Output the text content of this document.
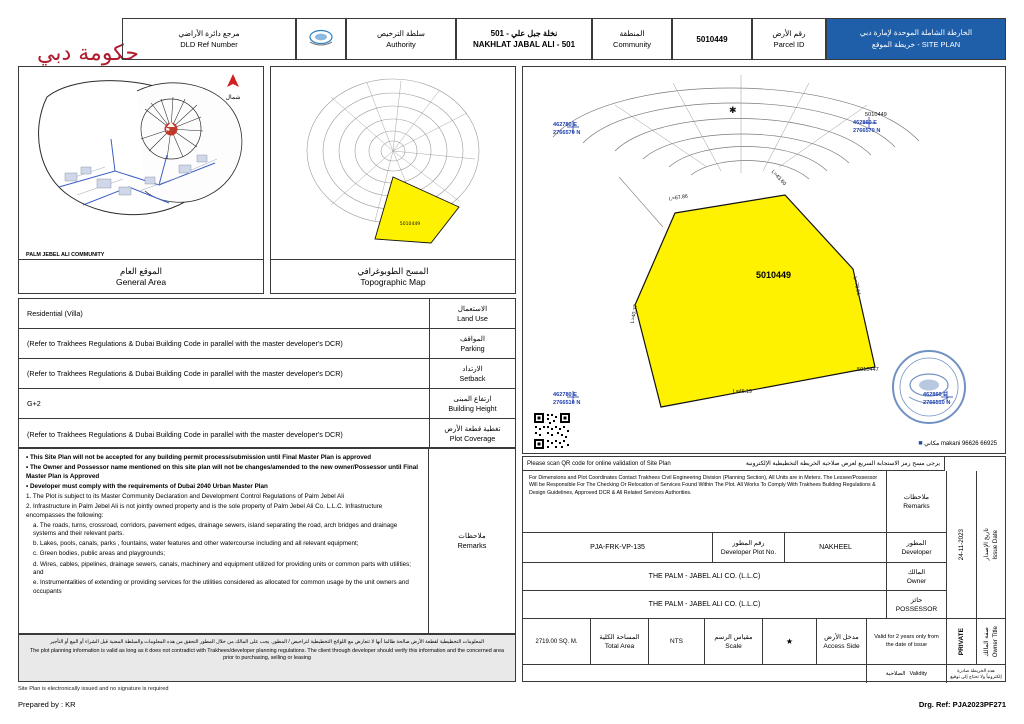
حكومة دبي
مرجع دائرة الأراضي
DLD Ref Number
سلطة الترخيص
Authority
نخلة جبل علي - 501
NAKHLAT JABAL ALI - 501
المنطقة
Community
5010449
رقم الأرض
Parcel ID
الخارطة الشاملة الموحدة لإمارة دبي
خريطة الموقع - SITE PLAN
⚑
شمال
PALM JEBEL ALI COMMUNITY
الموقع العام
General Area
5010449
المسح الطوبوغرافي
Topographic Map
Residential (Villa)
الاستعمال
Land Use
(Refer to Trakhees Regulations & Dubai Building Code in parallel with the master developer's DCR)
المواقف
Parking
(Refer to Trakhees Regulations & Dubai Building Code in parallel with the master developer's DCR)
الارتداد
Setback
G+2
ارتفاع المبنى
Building Height
(Refer to Trakhees Regulations & Dubai Building Code in parallel with the master developer's DCR)
تغطية قطعة الأرض
Plot Coverage

• This Site Plan will not be accepted for any building permit process/submission until Final Master Plan is approved

• The Owner and Possessor name mentioned on this site plan will not be changes/amended to the new owner/Possessor until Final Master Plan is Approved

• Developer must comply with the requirements of Dubai 2040 Urban Master Plan

1. The Plot is subject to its Master Community Declaration and Development Control Regulations of Palm Jebel Ali

2. Infrastructure in Palm Jebel Ali is not jointly owned property and is the sole property of Palm Jebel Ali Co. L.L.C. Infrastructure encompasses the following:

a. The roads, turns, crossroad, corridors, pavement edges, drainage sewers, island separating the road, arch bridges and drainage systems and their relevant parts.

b. Lakes, pools, canals, parks , fountains, water features and other watercourse including and all relevant equipment;

c. Green bodies, public areas and playgrounds;

d. Wires, cables, pipelines, drainage sewers, canals, machinery and equipment utilized for providing units or common parts with utilities; and

e. Instrumentalities of extending or providing services for the utilities considered as allocated for common usage by the unit owners and occupants

ملاحظات
Remarks
المعلومات التخطيطية لقطعة الأرض صالحة طالما أنها لا تتعارض مع اللوائح التخطيطية لتراخيص / المطور. يجب على المالك من خلال المطور التحقق من هذه المعلومات والسلطة المعنية قبل الشراء أو البيع أو التأجير
The plot planning information is valid as long as it does not contradict with Trakhees/developer planning regulations. The client through developer should verify this information and the concerned area prior to purchasing, selling or leasing
Site Plan is electronically issued and no signature is required
Prepared by : KR	Drg. Ref: PJA2023PF271
✱
462780 E
2766570 N
462860 E
2766570 N
462780 E
2766510 N
462860 E
2766510 N
5010449
5010447
L=67.86
L=43.60
L=78.61
L=46.19
L=40.37
5010449
■ مكاني makani 96626 66925
Please scan QR code for online validation of Site Plan	يرجى مسح رمز الاستجابة السريع لعرض صلاحية الخريطة التخطيطية الإلكترونية
For Dimensions and Plot Coordinates Contact Trakhees Civil Engineering Division (Planning Section), All Units are in Meters. The Lessee/Possessor Will be Responsible For The Checking Or Relocation of Services Found Within The Plot. All Works To Comply With Trakhees Building Regulations & Design Guidelines, Approved DCR & All Related Services Authorities.
ملاحظات
Remarks
24-11-2023	تاريخ الإصدار Issue Date
PJA-FRK-VP-135
رقم المطور
Developer Plot No.
NAKHEEL
المطور
Developer
THE PALM - JABEL ALI CO. (L.L.C)
المالك
Owner
THE PALM - JABEL ALI CO. (L.L.C)
حائز
POSSESSOR
PRIVATE	صفة المالك Owner Title
2719.00 SQ. M.
المساحة الكلية
Total Area
NTS
مقياس الرسم
Scale	★	مدخل الأرض
Access Side
Valid for 2 years only from the date of issue
هذه الخريطة صادرة إلكترونياً ولا تحتاج إلى توقيع
الصلاحية Validity
